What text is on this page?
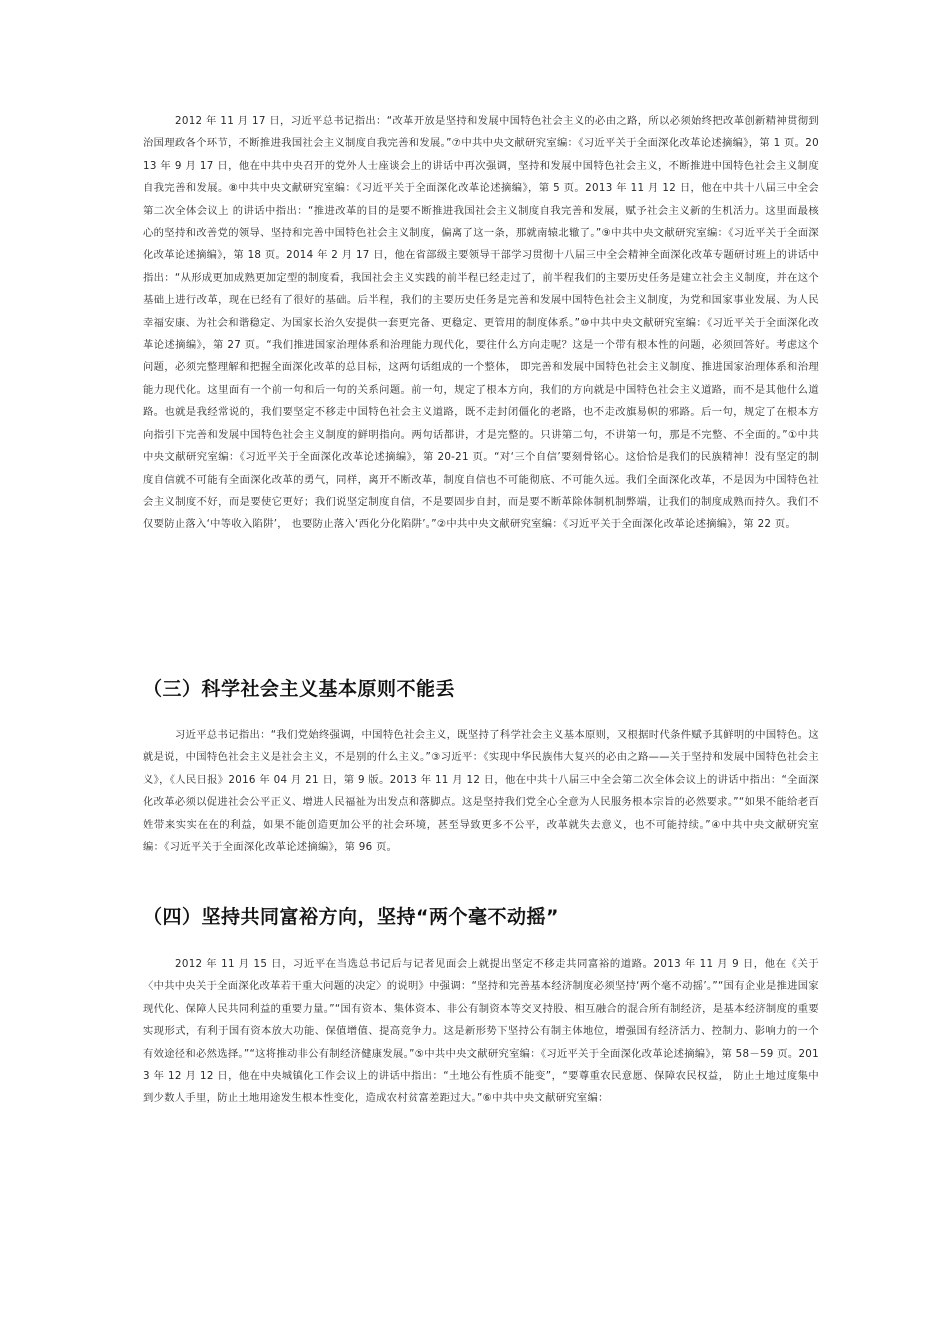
2012 年 11 月 17 日，习近平总书记指出：“改革开放是坚持和发展中国特色社会主义的必由之路，所以必须始终把改革创新精神贯彻到治国理政各个环节，不断推进我国社会主义制度自我完善和发展。”⑦中共中央文献研究室编：《习近平关于全面深化改革论述摘编》，第 1 页。2013 年 9 月 17 日，他在中共中央召开的党外人士座谈会上的讲话中再次强调，坚持和发展中国特色社会主义，不断推进中国特色社会主义制度自我完善和发展。⑧中共中央文献研究室编：《习近平关于全面深化改革论述摘编》，第 5 页。2013 年 11 月 12 日，他在中共十八届三中全会第二次全体会议上 的讲话中指出：“推进改革的目的是要不断推进我国社会主义制度自我完善和发展，赋予社会主义新的生机活力。这里面最核心的坚持和改善党的领导、坚持和完善中国特色社会主义制度，偏离了这一条，那就南辕北辙了。”⑨中共中央文献研究室编：《习近平关于全面深化改革论述摘编》，第 18 页。2014 年 2 月 17 日，他在省部级主要领导干部学习贯彻十八届三中全会精神全面深化改革专题研讨班上的讲话中指出：“从形成更加成熟更加定型的制度看，我国社会主义实践的前半程已经走过了，前半程我们的主要历史任务是建立社会主义制度，并在这个基础上进行改革，现在已经有了很好的基础。后半程，我们的主要历史任务是完善和发展中国特色社会主义制度，为党和国家事业发展、为人民幸福安康、为社会和谐稳定、为国家长治久安提供一套更完备、更稳定、更管用的制度体系。”⑩中共中央文献研究室编：《习近平关于全面深化改革论述摘编》，第 27 页。“我们推进国家治理体系和治理能力现代化，要往什么方向走呢？这是一个带有根本性的问题，必须回答好。考虑这个问题，必须完整理解和把握全面深化改革的总目标，这两句话组成的一个整体， 即完善和发展中国特色社会主义制度、推进国家治理体系和治理能力现代化。这里面有一个前一句和后一句的关系问题。前一句，规定了根本方向，我们的方向就是中国特色社会主义道路，而不是其他什么道路。也就是我经常说的，我们要坚定不移走中国特色社会主义道路，既不走封闭僵化的老路，也不走改旗易帜的邪路。后一句，规定了在根本方向指引下完善和发展中国特色社会主义制度的鲜明指向。两句话都讲，才是完整的。只讲第二句，不讲第一句，那是不完整、不全面的。”①中共中央文献研究室编：《习近平关于全面深化改革论述摘编》，第 20-21 页。“对‘三个自信’要刻骨铭心。这恰恰是我们的民族精神！没有坚定的制度自信就不可能有全面深化改革的勇气，同样，离开不断改革，制度自信也不可能彻底、不可能久远。我们全面深化改革，不是因为中国特色社会主义制度不好，而是要使它更好；我们说坚定制度自信，不是要固步自封，而是要不断革除体制机制弊端，让我们的制度成熟而持久。我们不仅要防止落入‘中等收入陷阱’， 也要防止落入‘西化分化陷阱’。”②中共中央文献研究室编：《习近平关于全面深化改革论述摘编》，第 22 页。

（三）科学社会主义基本原则不能丢

习近平总书记指出：“我们党始终强调，中国特色社会主义，既坚持了科学社会主义基本原则，又根据时代条件赋予其鲜明的中国特色。这就是说，中国特色社会主义是社会主义，不是别的什么主义。”③习近平：《实现中华民族伟大复兴的必由之路——关于坚持和发展中国特色社会主义》，《人民日报》2016 年 04 月 21 日，第 9 版。2013 年 11 月 12 日，他在中共十八届三中全会第二次全体会议上的讲话中指出：“全面深化改革必须以促进社会公平正义、增进人民福祉为出发点和落脚点。这是坚持我们党全心全意为人民服务根本宗旨的必然要求。”“如果不能给老百姓带来实实在在的利益，如果不能创造更加公平的社会环境，甚至导致更多不公平，改革就失去意义，也不可能持续。”④中共中央文献研究室编：《习近平关于全面深化改革论述摘编》，第 96 页。

（四）坚持共同富裕方向，坚持“两个毫不动摇”

2012 年 11 月 15 日，习近平在当选总书记后与记者见面会上就提出坚定不移走共同富裕的道路。2013 年 11 月 9 日，他在《关于〈中共中央关于全面深化改革若干重大问题的决定〉的说明》中强调：“坚持和完善基本经济制度必须坚持‘两个毫不动摇’。”“国有企业是推进国家现代化、保障人民共同利益的重要力量。”“国有资本、集体资本、非公有制资本等交叉持股、相互融合的混合所有制经济，是基本经济制度的重要实现形式，有利于国有资本放大功能、保值增值、提高竞争力。这是新形势下坚持公有制主体地位，增强国有经济活力、控制力、影响力的一个有效途径和必然选择。”“这将推动非公有制经济健康发展。”⑤中共中央文献研究室编：《习近平关于全面深化改革论述摘编》，第 58－59 页。2013 年 12 月 12 日，他在中央城镇化工作会议上的讲话中指出：“土地公有性质不能变”，“要尊重农民意愿、保障农民权益， 防止土地过度集中到少数人手里，防止土地用途发生根本性变化，造成农村贫富差距过大。”⑥中共中央文献研究室编：
